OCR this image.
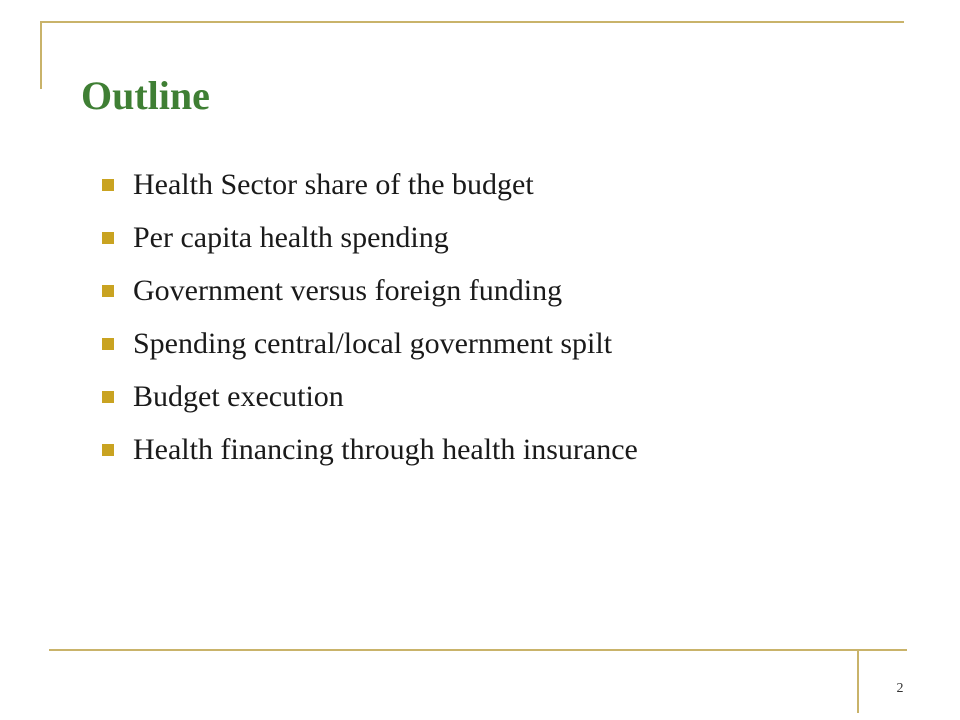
Outline
Health Sector share of the budget
Per capita health spending
Government versus foreign funding
Spending central/local government spilt
Budget execution
Health financing through health insurance
2
